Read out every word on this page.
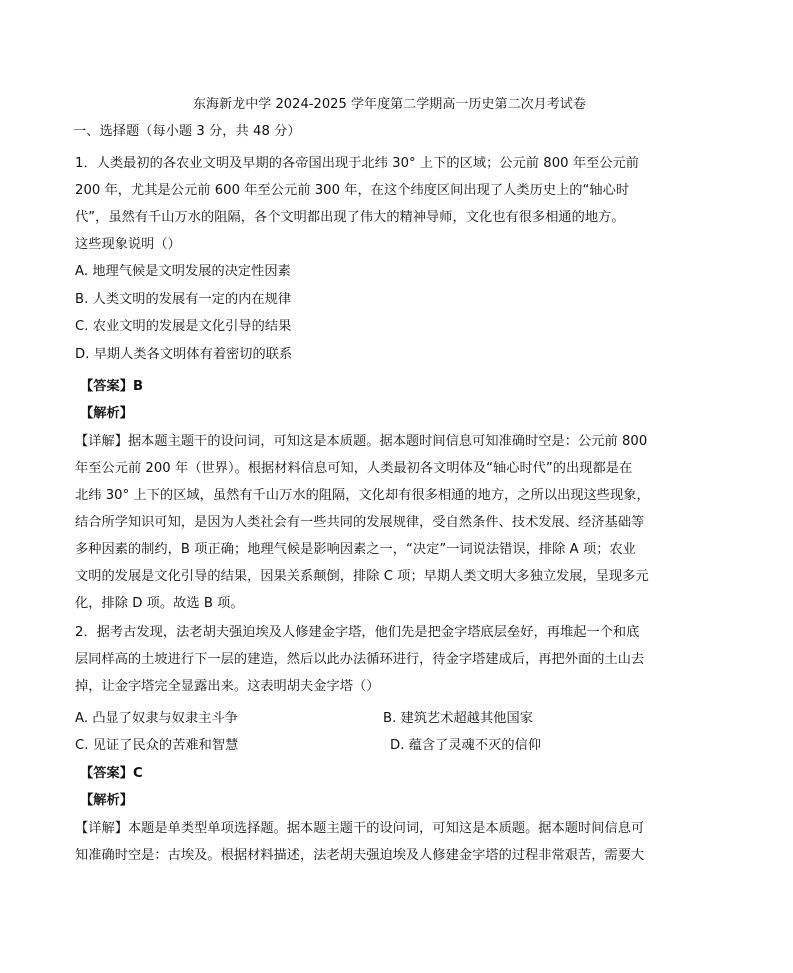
东海新龙中学 2024-2025 学年度第二学期高一历史第二次月考试卷
一、选择题（每小题 3 分，共 48 分）
1．人类最初的各农业文明及早期的各帝国出现于北纬 30° 上下的区域；公元前 800 年至公元前
200 年，尤其是公元前 600 年至公元前 300 年，在这个纬度区间出现了人类历史上的“轴心时
代”，虽然有千山万水的阻隔，各个文明都出现了伟大的精神导师，文化也有很多相通的地方。
这些现象说明（）
A. 地理气候是文明发展的决定性因素
B. 人类文明的发展有一定的内在规律
C. 农业文明的发展是文化引导的结果
D. 早期人类各文明体有着密切的联系
【答案】B
【解析】
【详解】据本题主题干的设问词，可知这是本质题。据本题时间信息可知准确时空是：公元前 800
年至公元前 200 年（世界）。根据材料信息可知，人类最初各文明体及“轴心时代”的出现都是在
北纬 30° 上下的区域，虽然有千山万水的阻隔，文化却有很多相通的地方，之所以出现这些现象，
结合所学知识可知，是因为人类社会有一些共同的发展规律，受自然条件、技术发展、经济基础等
多种因素的制约，B 项正确；地理气候是影响因素之一，“决定”一词说法错误，排除 A 项；农业
文明的发展是文化引导的结果，因果关系颠倒，排除 C 项；早期人类文明大多独立发展，呈现多元
化，排除 D 项。故选 B 项。
2．据考古发现，法老胡夫强迫埃及人修建金字塔，他们先是把金字塔底层垒好，再堆起一个和底
层同样高的土坡进行下一层的建造，然后以此办法循环进行，待金字塔建成后，再把外面的土山去
掉，让金字塔完全显露出来。这表明胡夫金字塔（）
A. 凸显了奴隶与奴隶主斗争	B. 建筑艺术超越其他国家
C. 见证了民众的苦难和智慧	D. 蕴含了灵魂不灭的信仰
【答案】C
【解析】
【详解】本题是单类型单项选择题。据本题主题干的设问词，可知这是本质题。据本题时间信息可
知准确时空是：古埃及。根据材料描述，法老胡夫强迫埃及人修建金字塔的过程非常艰苦，需要大
